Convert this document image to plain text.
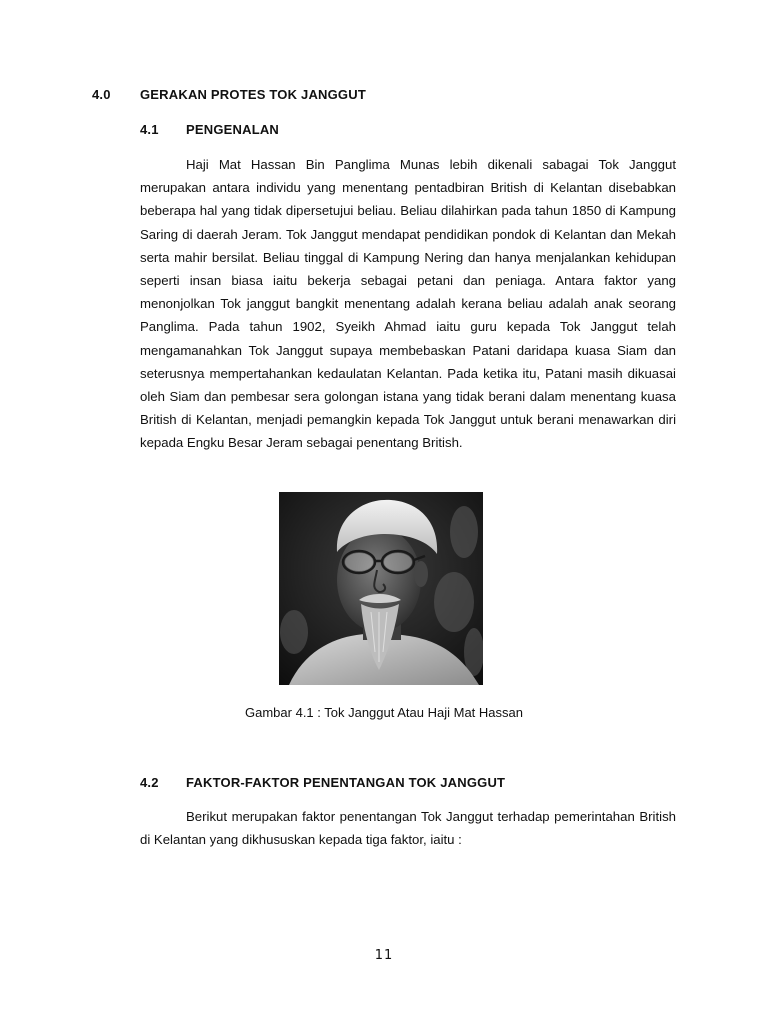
4.0 GERAKAN PROTES TOK JANGGUT
4.1 PENGENALAN

Haji Mat Hassan Bin Panglima Munas lebih dikenali sabagai Tok Janggut merupakan antara individu yang menentang pentadbiran British di Kelantan disebabkan beberapa hal yang tidak dipersetujui beliau. Beliau dilahirkan pada tahun 1850 di Kampung Saring di daerah Jeram. Tok Janggut mendapat pendidikan pondok di Kelantan dan Mekah serta mahir bersilat. Beliau tinggal di Kampung Nering dan hanya menjalankan kehidupan seperti insan biasa iaitu bekerja sebagai petani dan peniaga. Antara faktor yang menonjolkan Tok janggut bangkit menentang adalah kerana beliau adalah anak seorang Panglima. Pada tahun 1902, Syeikh Ahmad iaitu guru kepada Tok Janggut telah mengamanahkan Tok Janggut supaya membebaskan Patani daridapa kuasa Siam dan seterusnya mempertahankan kedaulatan Kelantan. Pada ketika itu, Patani masih dikuasai oleh Siam dan pembesar sera golongan istana yang tidak berani dalam menentang kuasa British di Kelantan, menjadi pemangkin kepada Tok Janggut untuk berani menawarkan diri kepada Engku Besar Jeram sebagai penentang British.

Gambar 4.1 : Tok Janggut Atau Haji Mat Hassan
4.2 FAKTOR-FAKTOR PENENTANGAN TOK JANGGUT

Berikut merupakan faktor penentangan Tok Janggut terhadap pemerintahan British di Kelantan yang dikhususkan kepada tiga faktor, iaitu :

11
